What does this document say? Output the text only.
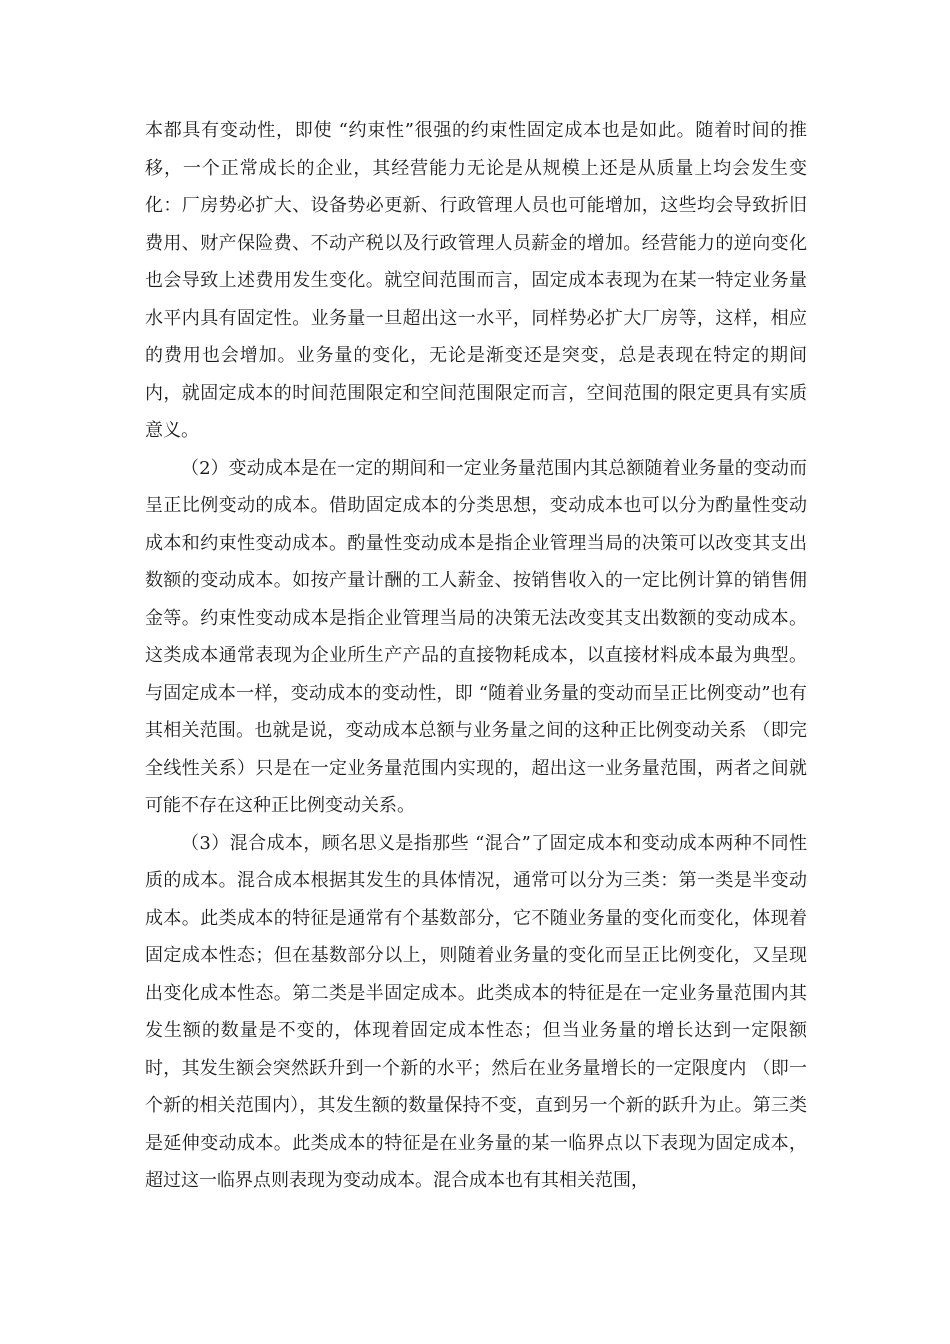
本都具有变动性，即使 “约束性”很强的约束性固定成本也是如此。随着时间的推移，一个正常成长的企业，其经营能力无论是从规模上还是从质量上均会发生变化：厂房势必扩大、设备势必更新、行政管理人员也可能增加，这些均会导致折旧费用、财产保险费、不动产税以及行政管理人员薪金的增加。经营能力的逆向变化也会导致上述费用发生变化。就空间范围而言，固定成本表现为在某一特定业务量水平内具有固定性。业务量一旦超出这一水平，同样势必扩大厂房等，这样，相应的费用也会增加。业务量的变化，无论是渐变还是突变，总是表现在特定的期间内，就固定成本的时间范围限定和空间范围限定而言，空间范围的限定更具有实质意义。

（2）变动成本是在一定的期间和一定业务量范围内其总额随着业务量的变动而呈正比例变动的成本。借助固定成本的分类思想，变动成本也可以分为酌量性变动成本和约束性变动成本。酌量性变动成本是指企业管理当局的决策可以改变其支出数额的变动成本。如按产量计酬的工人薪金、按销售收入的一定比例计算的销售佣金等。约束性变动成本是指企业管理当局的决策无法改变其支出数额的变动成本。这类成本通常表现为企业所生产产品的直接物耗成本，以直接材料成本最为典型。与固定成本一样，变动成本的变动性，即 “随着业务量的变动而呈正比例变动”也有其相关范围。也就是说，变动成本总额与业务量之间的这种正比例变动关系 （即完全线性关系）只是在一定业务量范围内实现的，超出这一业务量范围，两者之间就可能不存在这种正比例变动关系。

（3）混合成本，顾名思义是指那些 “混合”了固定成本和变动成本两种不同性质的成本。混合成本根据其发生的具体情况，通常可以分为三类：第一类是半变动成本。此类成本的特征是通常有个基数部分，它不随业务量的变化而变化，体现着固定成本性态；但在基数部分以上，则随着业务量的变化而呈正比例变化，又呈现出变化成本性态。第二类是半固定成本。此类成本的特征是在一定业务量范围内其发生额的数量是不变的，体现着固定成本性态；但当业务量的增长达到一定限额时，其发生额会突然跃升到一个新的水平；然后在业务量增长的一定限度内 （即一个新的相关范围内），其发生额的数量保持不变，直到另一个新的跃升为止。第三类是延伸变动成本。此类成本的特征是在业务量的某一临界点以下表现为固定成本，超过这一临界点则表现为变动成本。混合成本也有其相关范围，
